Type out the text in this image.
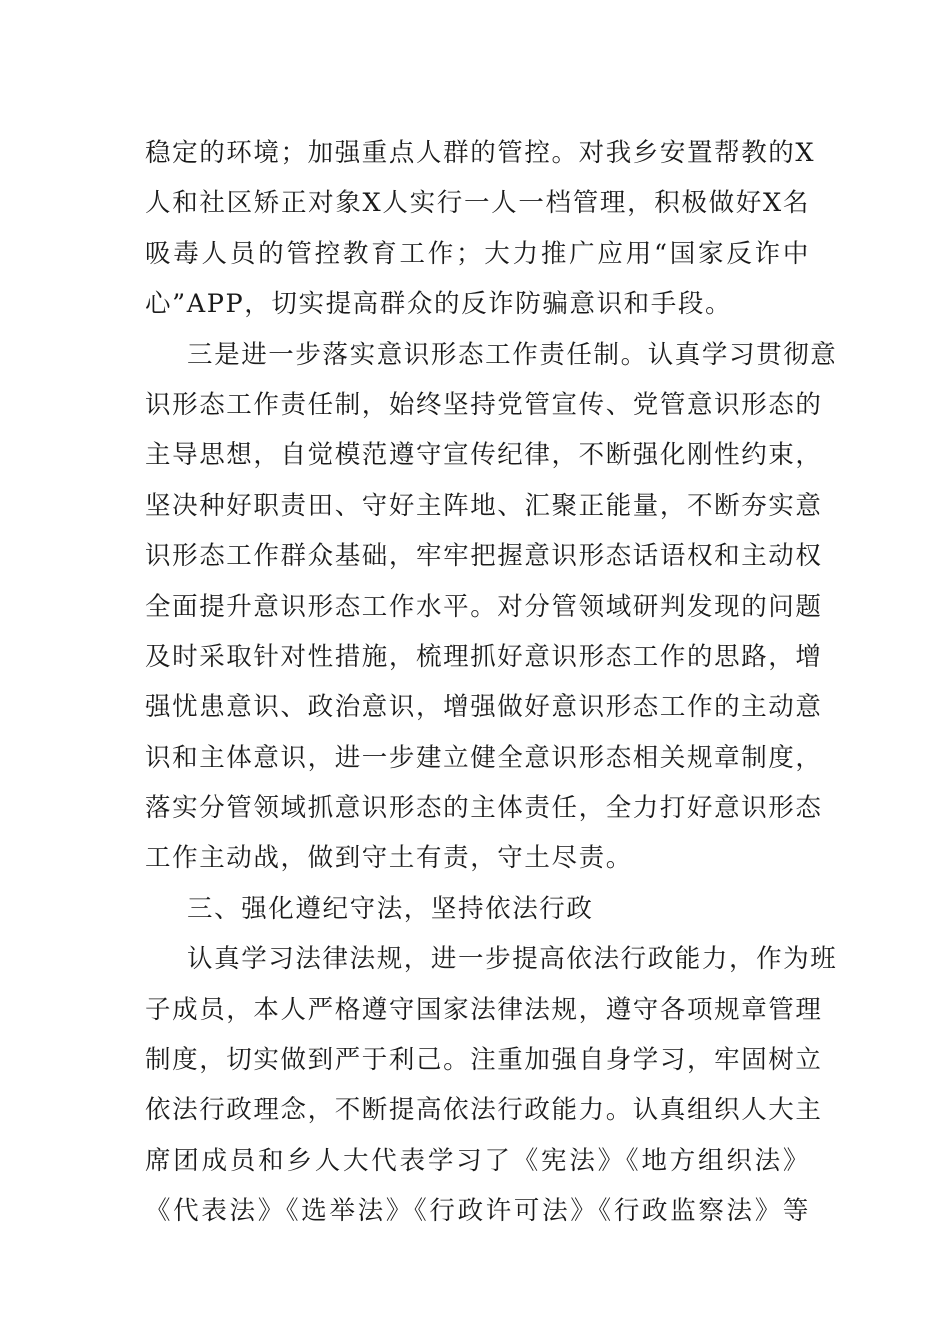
稳定的环境；加强重点人群的管控。对我乡安置帮教的X
人和社区矫正对象X人实行一人一档管理，积极做好X名
吸毒人员的管控教育工作；大力推广应用“国家反诈中
心”APP，切实提高群众的反诈防骗意识和手段。
三是进一步落实意识形态工作责任制。认真学习贯彻意
识形态工作责任制，始终坚持党管宣传、党管意识形态的
主导思想，自觉模范遵守宣传纪律，不断强化刚性约束，
坚决种好职责田、守好主阵地、汇聚正能量，不断夯实意
识形态工作群众基础，牢牢把握意识形态话语权和主动权
全面提升意识形态工作水平。对分管领域研判发现的问题
及时采取针对性措施，梳理抓好意识形态工作的思路，增
强忧患意识、政治意识，增强做好意识形态工作的主动意
识和主体意识，进一步建立健全意识形态相关规章制度，
落实分管领域抓意识形态的主体责任，全力打好意识形态
工作主动战，做到守土有责，守土尽责。
三、强化遵纪守法，坚持依法行政
认真学习法律法规，进一步提高依法行政能力，作为班
子成员，本人严格遵守国家法律法规，遵守各项规章管理
制度，切实做到严于利己。注重加强自身学习，牢固树立
依法行政理念，不断提高依法行政能力。认真组织人大主
席团成员和乡人大代表学习了《宪法》《地方组织法》
《代表法》《选举法》《行政许可法》《行政监察法》等
